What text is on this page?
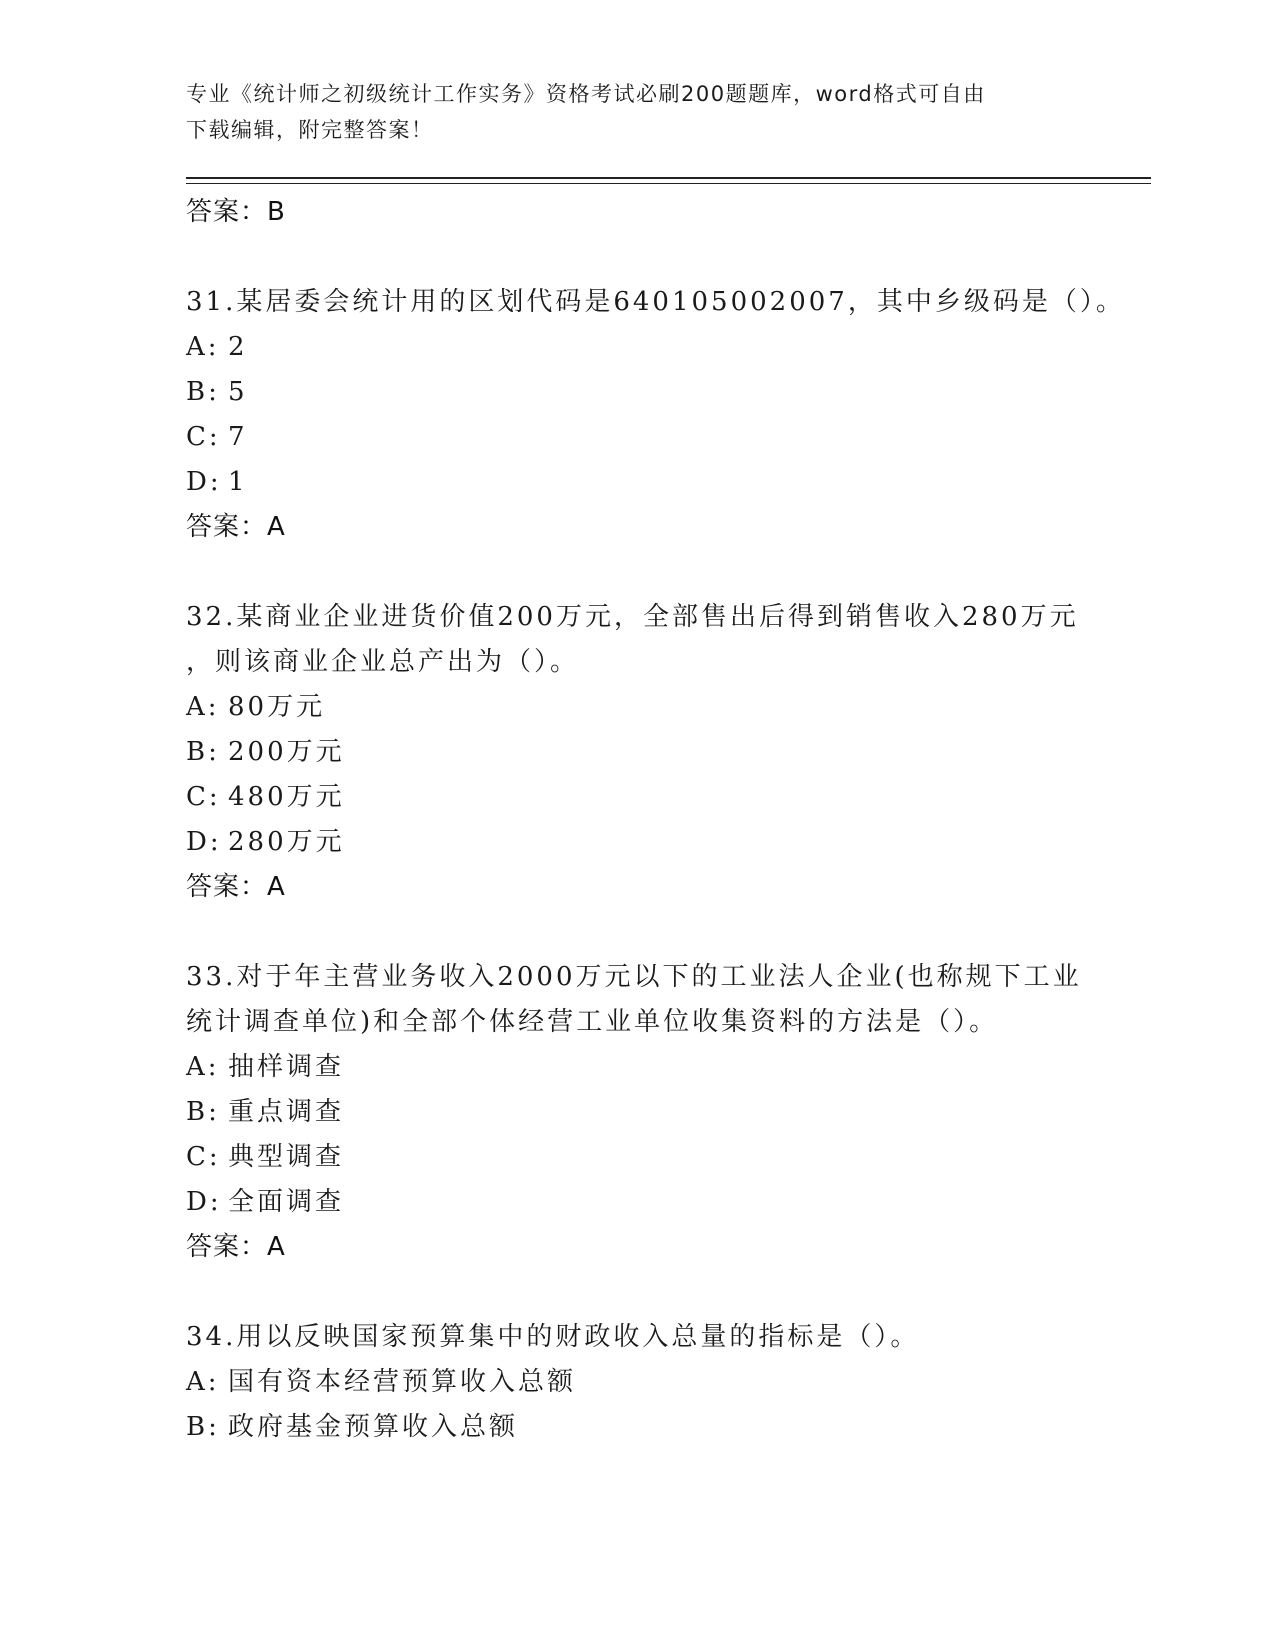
专业《统计师之初级统计工作实务》资格考试必刷200题题库，word格式可自由
下载编辑，附完整答案！
答案：B
31.某居委会统计用的区划代码是640105002007，其中乡级码是（）。
A: 2
B: 5
C: 7
D: 1
答案：A
32.某商业企业进货价值200万元，全部售出后得到销售收入280万元
，则该商业企业总产出为（）。
A: 80万元
B: 200万元
C: 480万元
D: 280万元
答案：A
33.对于年主营业务收入2000万元以下的工业法人企业(也称规下工业
统计调查单位)和全部个体经营工业单位收集资料的方法是（）。
A: 抽样调查
B: 重点调查
C: 典型调查
D: 全面调查
答案：A
34.用以反映国家预算集中的财政收入总量的指标是（）。
A: 国有资本经营预算收入总额
B: 政府基金预算收入总额
